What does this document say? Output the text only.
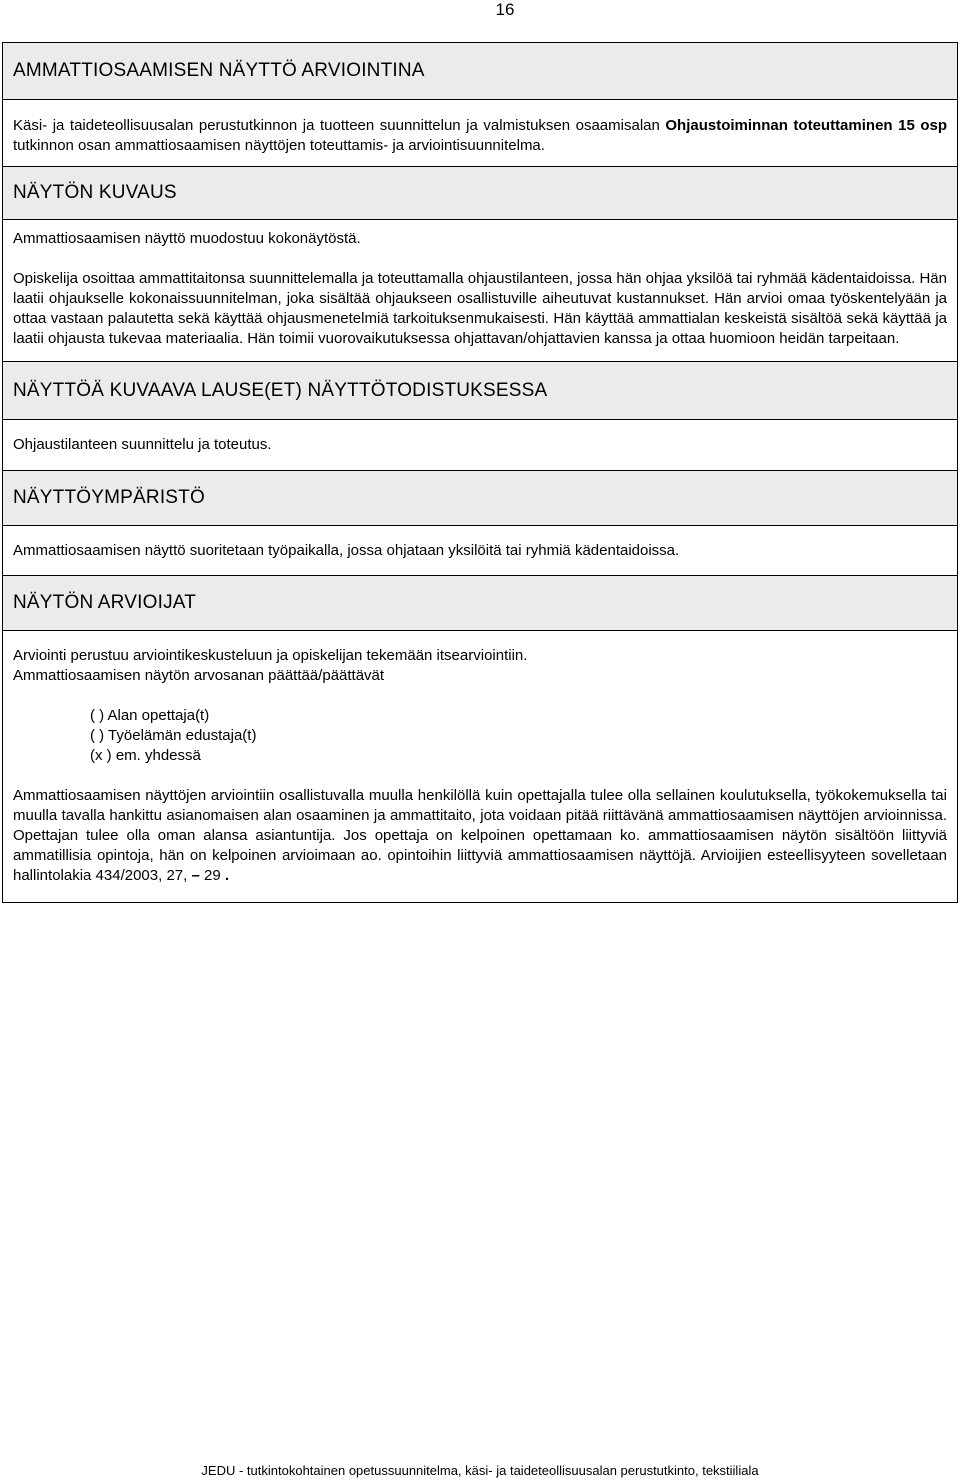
16
AMMATTIOSAAMISEN NÄYTTÖ ARVIOINTINA

Käsi- ja taideteollisuusalan perustutkinnon ja tuotteen suunnittelun ja valmistuksen osaamisalan Ohjaustoiminnan toteuttaminen 15 osp tutkinnon osan ammattiosaamisen näyttöjen toteuttamis- ja arviointisuunnitelma.

NÄYTÖN KUVAUS

Ammattiosaamisen näyttö muodostuu kokonäytöstä.

Opiskelija osoittaa ammattitaitonsa suunnittelemalla ja toteuttamalla ohjaustilanteen, jossa hän ohjaa yksilöä tai ryhmää kädentaidoissa. Hän laatii ohjaukselle kokonaissuunnitelman, joka sisältää ohjaukseen osallistuville aiheutuvat kustannukset. Hän arvioi omaa työskentelyään ja ottaa vastaan palautetta sekä käyttää ohjausmenetelmiä tarkoituksenmukaisesti. Hän käyttää ammattialan keskeistä sisältöä sekä käyttää ja laatii ohjausta tukevaa materiaalia. Hän toimii vuorovaikutuksessa ohjattavan/ohjattavien kanssa ja ottaa huomioon heidän tarpeitaan.

NÄYTTÖÄ KUVAAVA LAUSE(ET) NÄYTTÖTODISTUKSESSA

Ohjaustilanteen suunnittelu ja toteutus.

NÄYTTÖYMPÄRISTÖ

Ammattiosaamisen näyttö suoritetaan työpaikalla, jossa ohjataan yksilöitä tai ryhmiä kädentaidoissa.

NÄYTÖN ARVIOIJAT

Arviointi perustuu arviointikeskusteluun ja opiskelijan tekemään itsearviointiin.

Ammattiosaamisen näytön arvosanan päättää/päättävät

( ) Alan opettaja(t)
( ) Työelämän edustaja(t)
(x ) em. yhdessä

Ammattiosaamisen näyttöjen arviointiin osallistuvalla muulla henkilöllä kuin opettajalla tulee olla sellainen koulutuksella, työkokemuksella tai muulla tavalla hankittu asianomaisen alan osaaminen ja ammattitaito, jota voidaan pitää riittävänä ammattiosaamisen näyttöjen arvioinnissa. Opettajan tulee olla oman alansa asiantuntija. Jos opettaja on kelpoinen opettamaan ko. ammattiosaamisen näytön sisältöön liittyviä ammatillisia opintoja, hän on kelpoinen arvioimaan ao. opintoihin liittyviä ammattiosaamisen näyttöjä. Arvioijien esteellisyyteen sovelletaan hallintolakia 434/2003, 27, – 29 .

JEDU - tutkintokohtainen opetussuunnitelma, käsi- ja taideteollisuusalan perustutkinto, tekstiiliala
